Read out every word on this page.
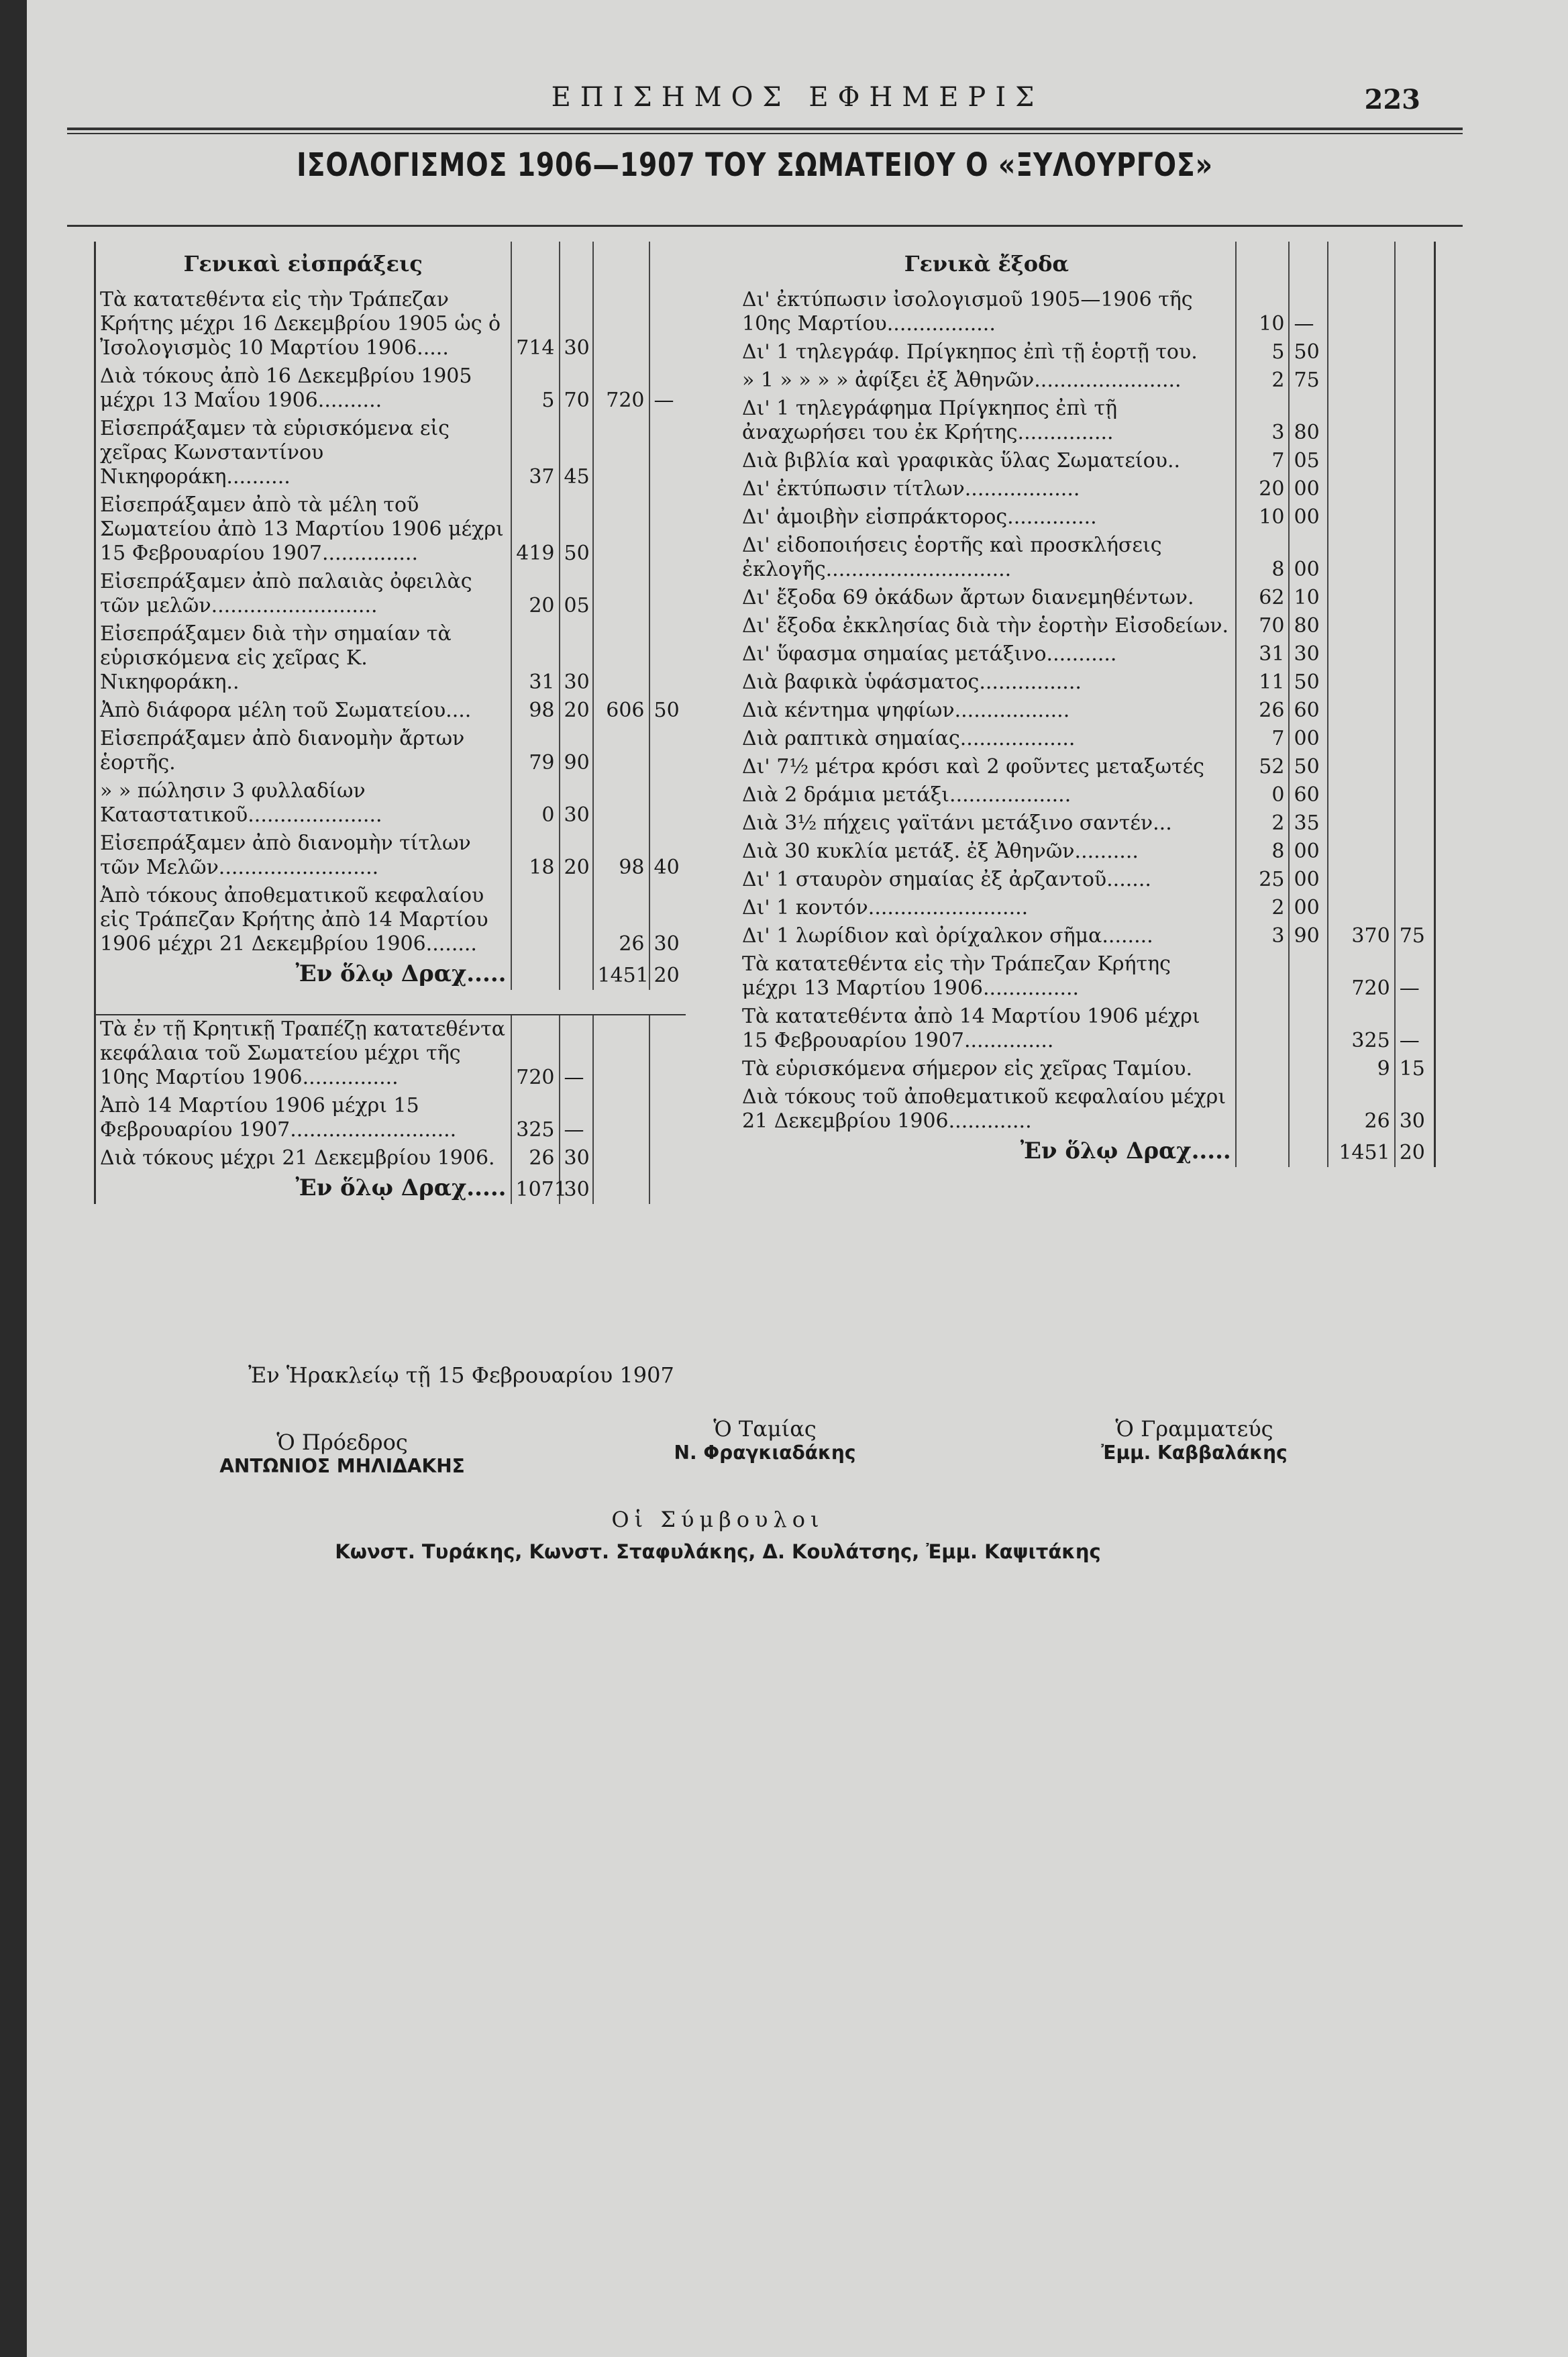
ΕΠΙΣΗΜΟΣ ΕΦΗΜΕΡΙΣ	223
ΙΣΟΛΟΓΙΣΜΟΣ 1906—1907 ΤΟΥ ΣΩΜΑΤΕΙΟΥ Ο «ΞΥΛΟΥΡΓΟΣ»
Γενικαὶ εἰσπράξεις				
Τὰ κατατεθέντα εἰς τὴν Τράπεζαν Κρήτης μέχρι 16 Δεκεμβρίου 1905 ὡς ὁ Ἰσολογισμὸς 10 Μαρτίου 1906.....	714	30		
Διὰ τόκους ἀπὸ 16 Δεκεμβρίου 1905 μέχρι 13 Μαΐου 1906..........	5	70	720	—
Εἰσεπράξαμεν τὰ εὑρισκόμενα εἰς χεῖρας Κωνσταντίνου Νικηφοράκη..........	37	45		
Εἰσεπράξαμεν ἀπὸ τὰ μέλη τοῦ Σωματείου ἀπὸ 13 Μαρτίου 1906 μέχρι 15 Φεβρουαρίου 1907...............	419	50		
Εἰσεπράξαμεν ἀπὸ παλαιὰς ὀφειλὰς τῶν μελῶν..........................	20	05		
Εἰσεπράξαμεν διὰ τὴν σημαίαν τὰ εὑρισκόμενα εἰς χεῖρας Κ. Νικηφοράκη..	31	30		
Ἀπὸ διάφορα μέλη τοῦ Σωματείου....	98	20	606	50
Εἰσεπράξαμεν ἀπὸ διανομὴν ἄρτων ἑορτῆς.	79	90		
» » πώλησιν 3 φυλλαδίων Καταστατικοῦ.....................	0	30		
Εἰσεπράξαμεν ἀπὸ διανομὴν τίτλων τῶν Μελῶν.........................	18	20	98	40
Ἀπὸ τόκους ἀποθεματικοῦ κεφαλαίου εἰς Τράπεζαν Κρήτης ἀπὸ 14 Μαρτίου 1906 μέχρι 21 Δεκεμβρίου 1906........			26	30
Ἐν ὅλῳ Δραχ.....			1451	20

Τὰ ἐν τῇ Κρητικῇ Τραπέζῃ κατατεθέντα κεφάλαια τοῦ Σωματείου μέχρι τῆς 10ης Μαρτίου 1906...............	720	—		
Ἀπὸ 14 Μαρτίου 1906 μέχρι 15 Φεβρουαρίου 1907..........................	325	—		
Διὰ τόκους μέχρι 21 Δεκεμβρίου 1906.	26	30		
Ἐν ὅλῳ Δραχ.....	1071	30		
Γενικὰ ἔξοδα				
Δι' ἐκτύπωσιν ἰσολογισμοῦ 1905—1906 τῆς 10ης Μαρτίου.................	10	—		
Δι' 1 τηλεγράφ. Πρίγκηπος ἐπὶ τῇ ἑορτῇ του.	5	50		
» 1 » » » » ἀφίξει ἐξ Ἀθηνῶν.......................	2	75		
Δι' 1 τηλεγράφημα Πρίγκηπος ἐπὶ τῇ ἀναχωρήσει του ἐκ Κρήτης...............	3	80		
Διὰ βιβλία καὶ γραφικὰς ὕλας Σωματείου..	7	05		
Δι' ἐκτύπωσιν τίτλων..................	20	00		
Δι' ἀμοιβὴν εἰσπράκτορος..............	10	00		
Δι' εἰδοποιήσεις ἑορτῆς καὶ προσκλήσεις ἐκλογῆς.............................	8	00		
Δι' ἔξοδα 69 ὀκάδων ἄρτων διανεμηθέντων.	62	10		
Δι' ἔξοδα ἐκκλησίας διὰ τὴν ἑορτὴν Εἰσοδείων.	70	80		
Δι' ὕφασμα σημαίας μετάξινο...........	31	30		
Διὰ βαφικὰ ὑφάσματος................	11	50		
Διὰ κέντημα ψηφίων..................	26	60		
Διὰ ραπτικὰ σημαίας..................	7	00		
Δι' 7½ μέτρα κρόσι καὶ 2 φοῦντες μεταξωτές	52	50		
Διὰ 2 δράμια μετάξι...................	0	60		
Διὰ 3½ πήχεις γαϊτάνι μετάξινο σαντέν...	2	35		
Διὰ 30 κυκλία μετάξ. ἐξ Ἀθηνῶν..........	8	00		
Δι' 1 σταυρὸν σημαίας ἐξ ἀρζαντοῦ.......	25	00		
Δι' 1 κοντόν.........................	2	00		
Δι' 1 λωρίδιον καὶ ὀρίχαλκον σῆμα........	3	90	370	75
Τὰ κατατεθέντα εἰς τὴν Τράπεζαν Κρήτης μέχρι 13 Μαρτίου 1906...............			720	—
Τὰ κατατεθέντα ἀπὸ 14 Μαρτίου 1906 μέχρι 15 Φεβρουαρίου 1907..............			325	—
Τὰ εὑρισκόμενα σήμερον εἰς χεῖρας Ταμίου.			9	15
Διὰ τόκους τοῦ ἀποθεματικοῦ κεφαλαίου μέχρι 21 Δεκεμβρίου 1906.............			26	30
Ἐν ὅλῳ Δραχ.....			1451	20
Ἐν Ἡρακλείῳ τῇ 15 Φεβρουαρίου 1907
Ὁ Πρόεδρος
ΑΝΤΩΝΙΟΣ ΜΗΛΙΔΑΚΗΣ
Ὁ Ταμίας
Ν. Φραγκιαδάκης
Ὁ Γραμματεύς
Ἐμμ. Καββαλάκης
Οἱ Σύμβουλοι
Κωνστ. Τυράκης, Κωνστ. Σταφυλάκης, Δ. Κουλάτσης, Ἐμμ. Καψιτάκης
